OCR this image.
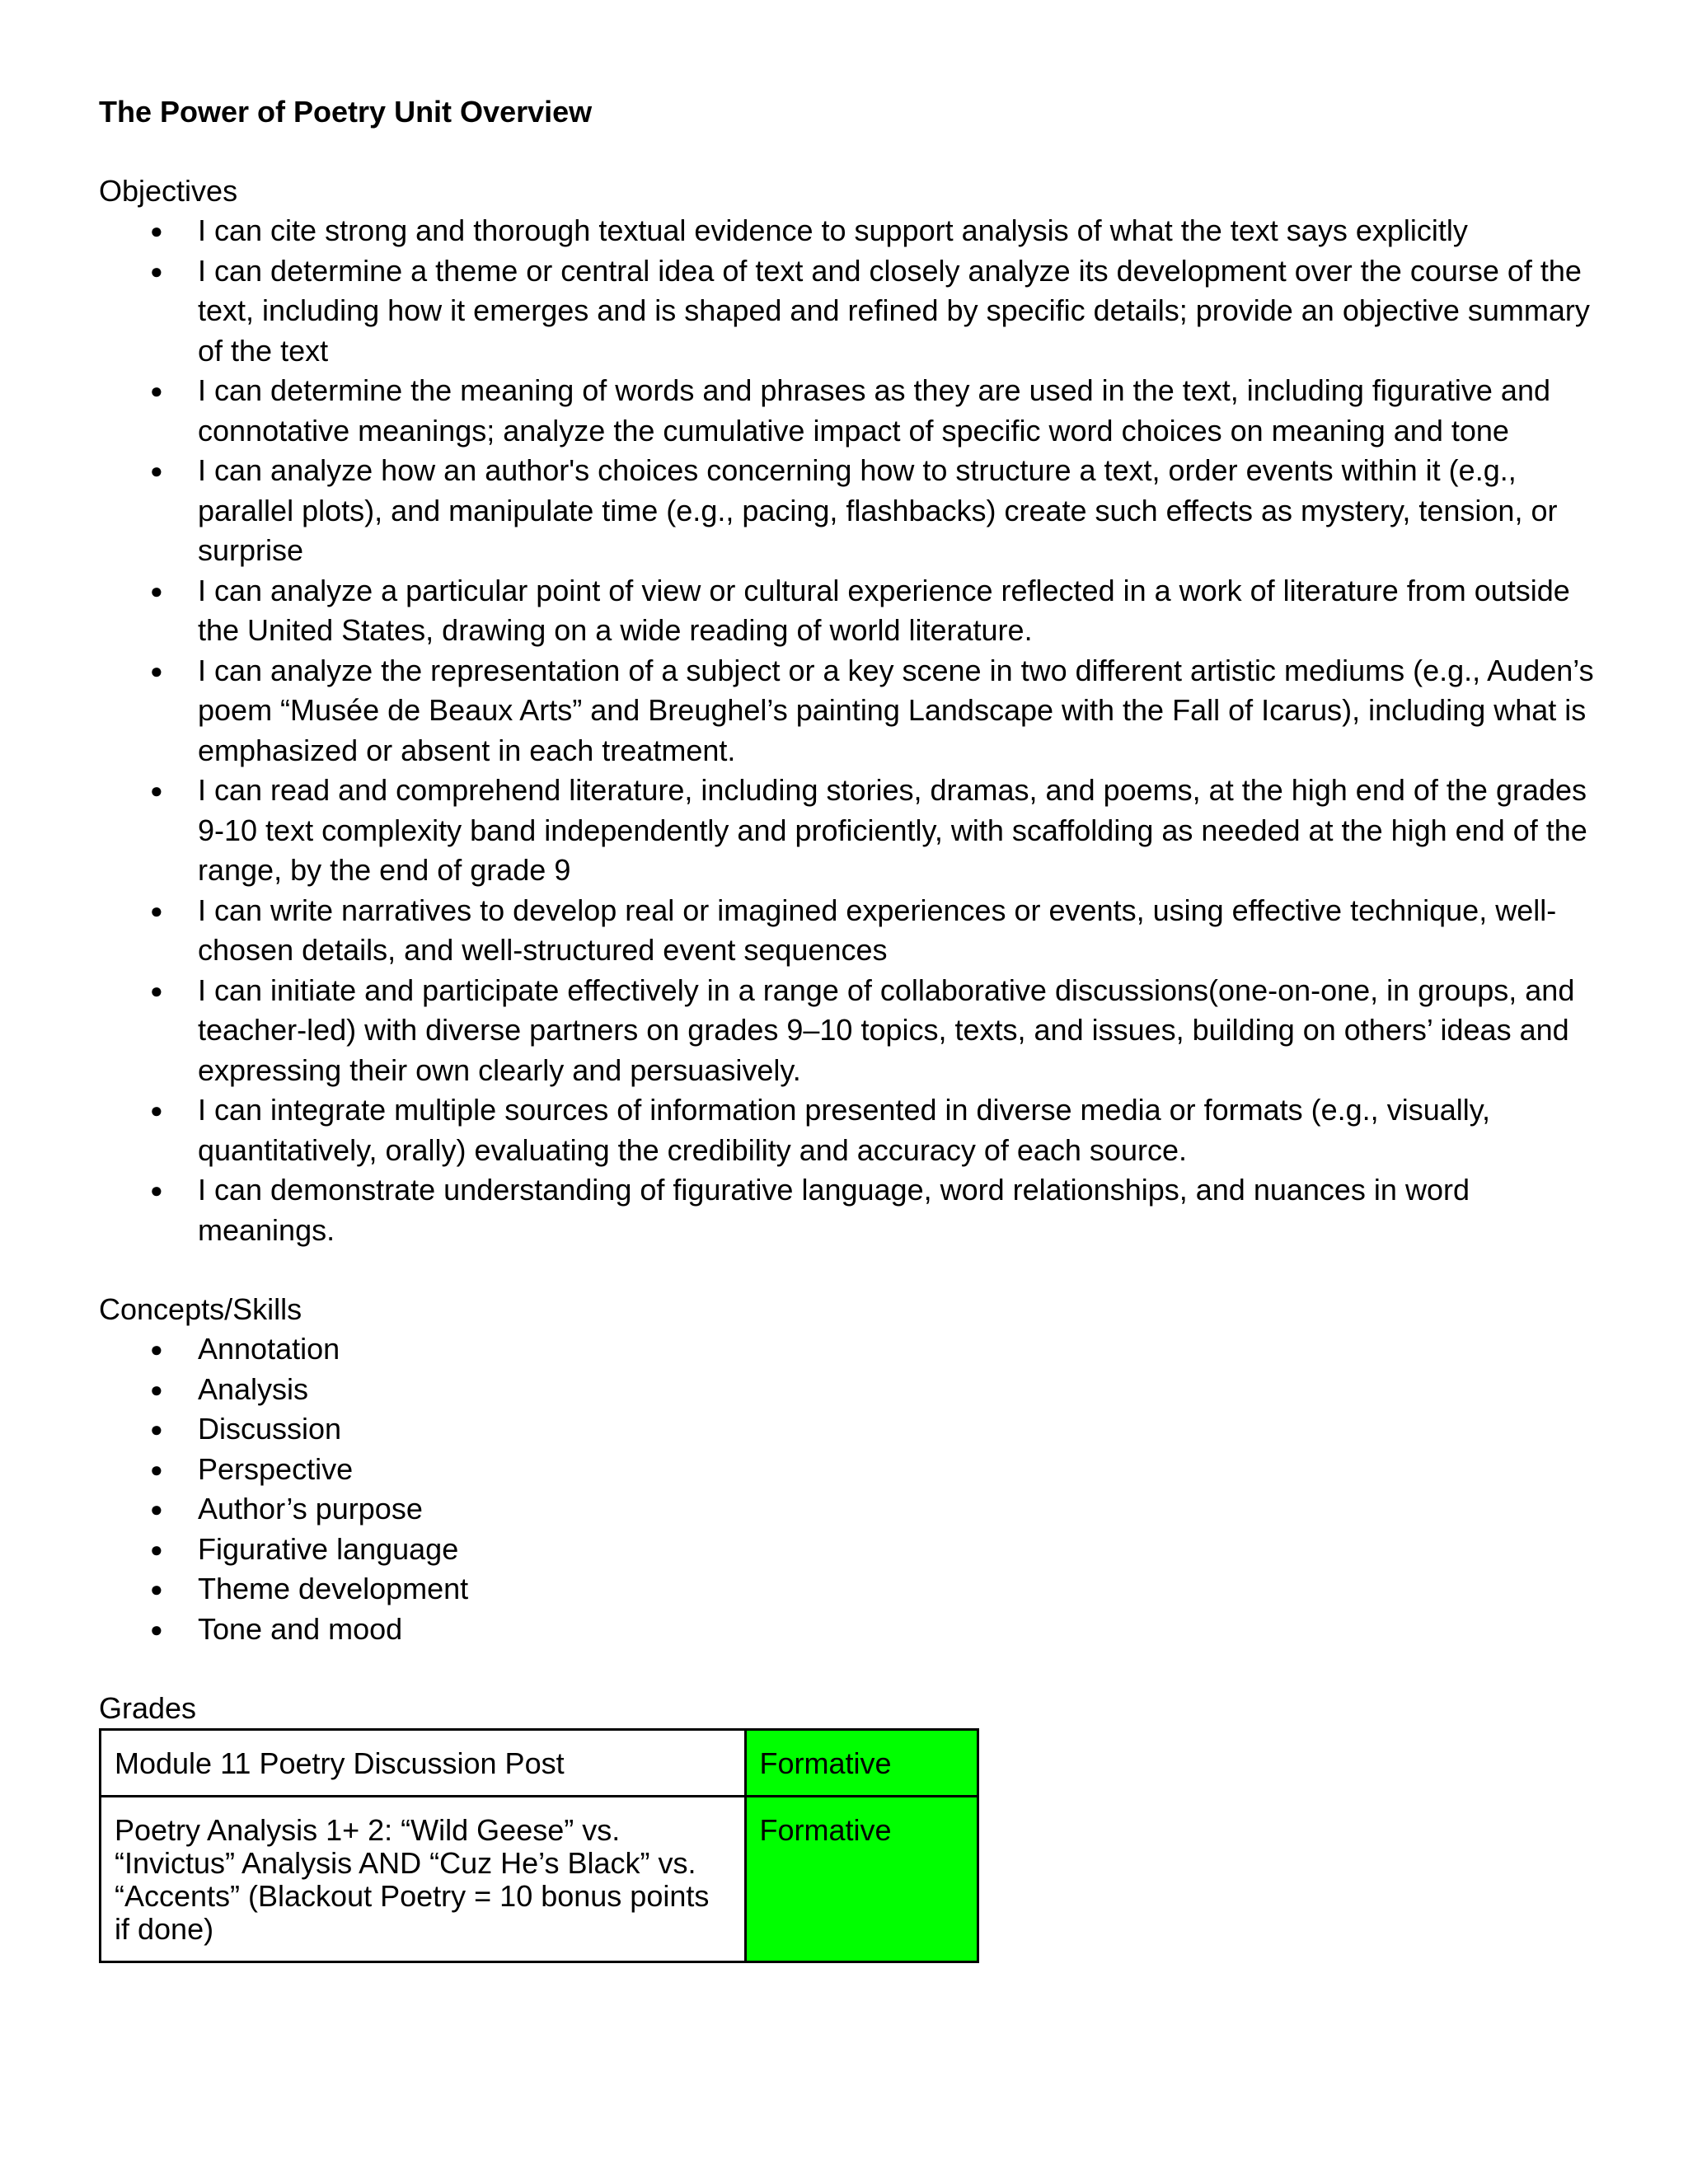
The Power of Poetry Unit Overview

Objectives

●	I can cite strong and thorough textual evidence to support analysis of what the text says explicitly
●	I can determine a theme or central idea of text and closely analyze its development over the course of the text, including how it emerges and is shaped and refined by specific details; provide an objective summary of the text
●	I can determine the meaning of words and phrases as they are used in the text, including figurative and connotative meanings; analyze the cumulative impact of specific word choices on meaning and tone
●	I can analyze how an author's choices concerning how to structure a text, order events within it (e.g., parallel plots), and manipulate time (e.g., pacing, flashbacks) create such effects as mystery, tension, or surprise
●	I can analyze a particular point of view or cultural experience reflected in a work of literature from outside the United States, drawing on a wide reading of world literature.
●	I can analyze the representation of a subject or a key scene in two different artistic mediums (e.g., Auden’s poem “Musée de Beaux Arts” and Breughel’s painting Landscape with the Fall of Icarus), including what is emphasized or absent in each treatment.
●	I can read and comprehend literature, including stories, dramas, and poems, at the high end of the grades 9-10 text complexity band independently and proficiently, with scaffolding as needed at the high end of the range, by the end of grade 9
●	I can write narratives to develop real or imagined experiences or events, using effective technique, well-chosen details, and well-structured event sequences
●	I can initiate and participate effectively in a range of collaborative discussions(one-on-one, in groups, and teacher-led) with diverse partners on grades 9–10 topics, texts, and issues, building on others’ ideas and expressing their own clearly and persuasively.
●	I can integrate multiple sources of information presented in diverse media or formats (e.g., visually, quantitatively, orally) evaluating the credibility and accuracy of each source.
●	I can demonstrate understanding of figurative language, word relationships, and nuances in word meanings.

Concepts/Skills

●	Annotation
●	Analysis
●	Discussion
●	Perspective
●	Author’s purpose
●	Figurative language
●	Theme development
●	Tone and mood

Grades

Module 11 Poetry Discussion Post	Formative
Poetry Analysis 1+ 2: “Wild Geese” vs. “Invictus” Analysis AND “Cuz He’s Black” vs. “Accents” (Blackout Poetry = 10 bonus points if done)	Formative
